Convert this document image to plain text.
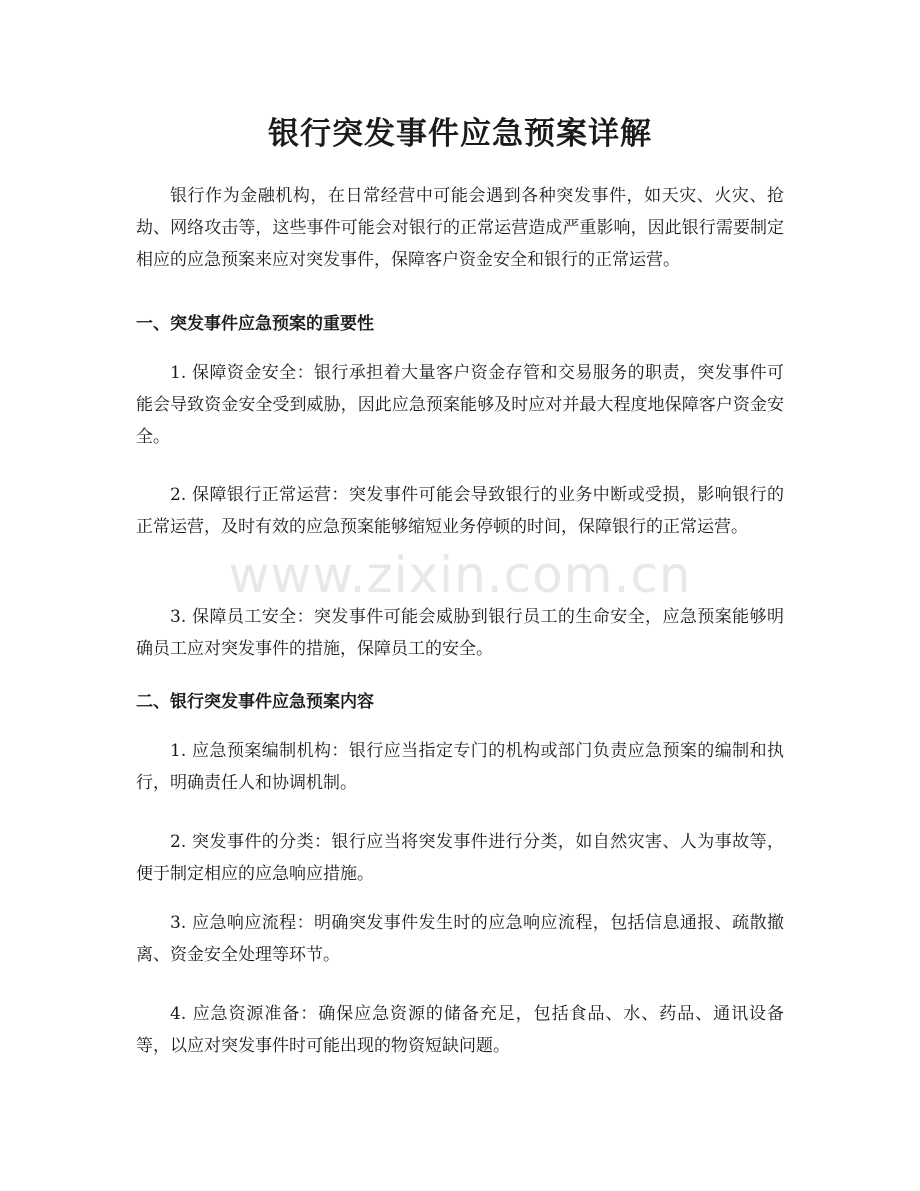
银行突发事件应急预案详解

银行作为金融机构，在日常经营中可能会遇到各种突发事件，如天灾、火灾、抢劫、网络攻击等，这些事件可能会对银行的正常运营造成严重影响，因此银行需要制定相应的应急预案来应对突发事件，保障客户资金安全和银行的正常运营。

一、突发事件应急预案的重要性

1. 保障资金安全：银行承担着大量客户资金存管和交易服务的职责，突发事件可能会导致资金安全受到威胁，因此应急预案能够及时应对并最大程度地保障客户资金安全。

2. 保障银行正常运营：突发事件可能会导致银行的业务中断或受损，影响银行的正常运营，及时有效的应急预案能够缩短业务停顿的时间，保障银行的正常运营。

3. 保障员工安全：突发事件可能会威胁到银行员工的生命安全，应急预案能够明确员工应对突发事件的措施，保障员工的安全。

二、银行突发事件应急预案内容

1. 应急预案编制机构：银行应当指定专门的机构或部门负责应急预案的编制和执行，明确责任人和协调机制。

2. 突发事件的分类：银行应当将突发事件进行分类，如自然灾害、人为事故等，便于制定相应的应急响应措施。

3. 应急响应流程：明确突发事件发生时的应急响应流程，包括信息通报、疏散撤离、资金安全处理等环节。

4. 应急资源准备：确保应急资源的储备充足，包括食品、水、药品、通讯设备等，以应对突发事件时可能出现的物资短缺问题。

www.zixin.com.cn
